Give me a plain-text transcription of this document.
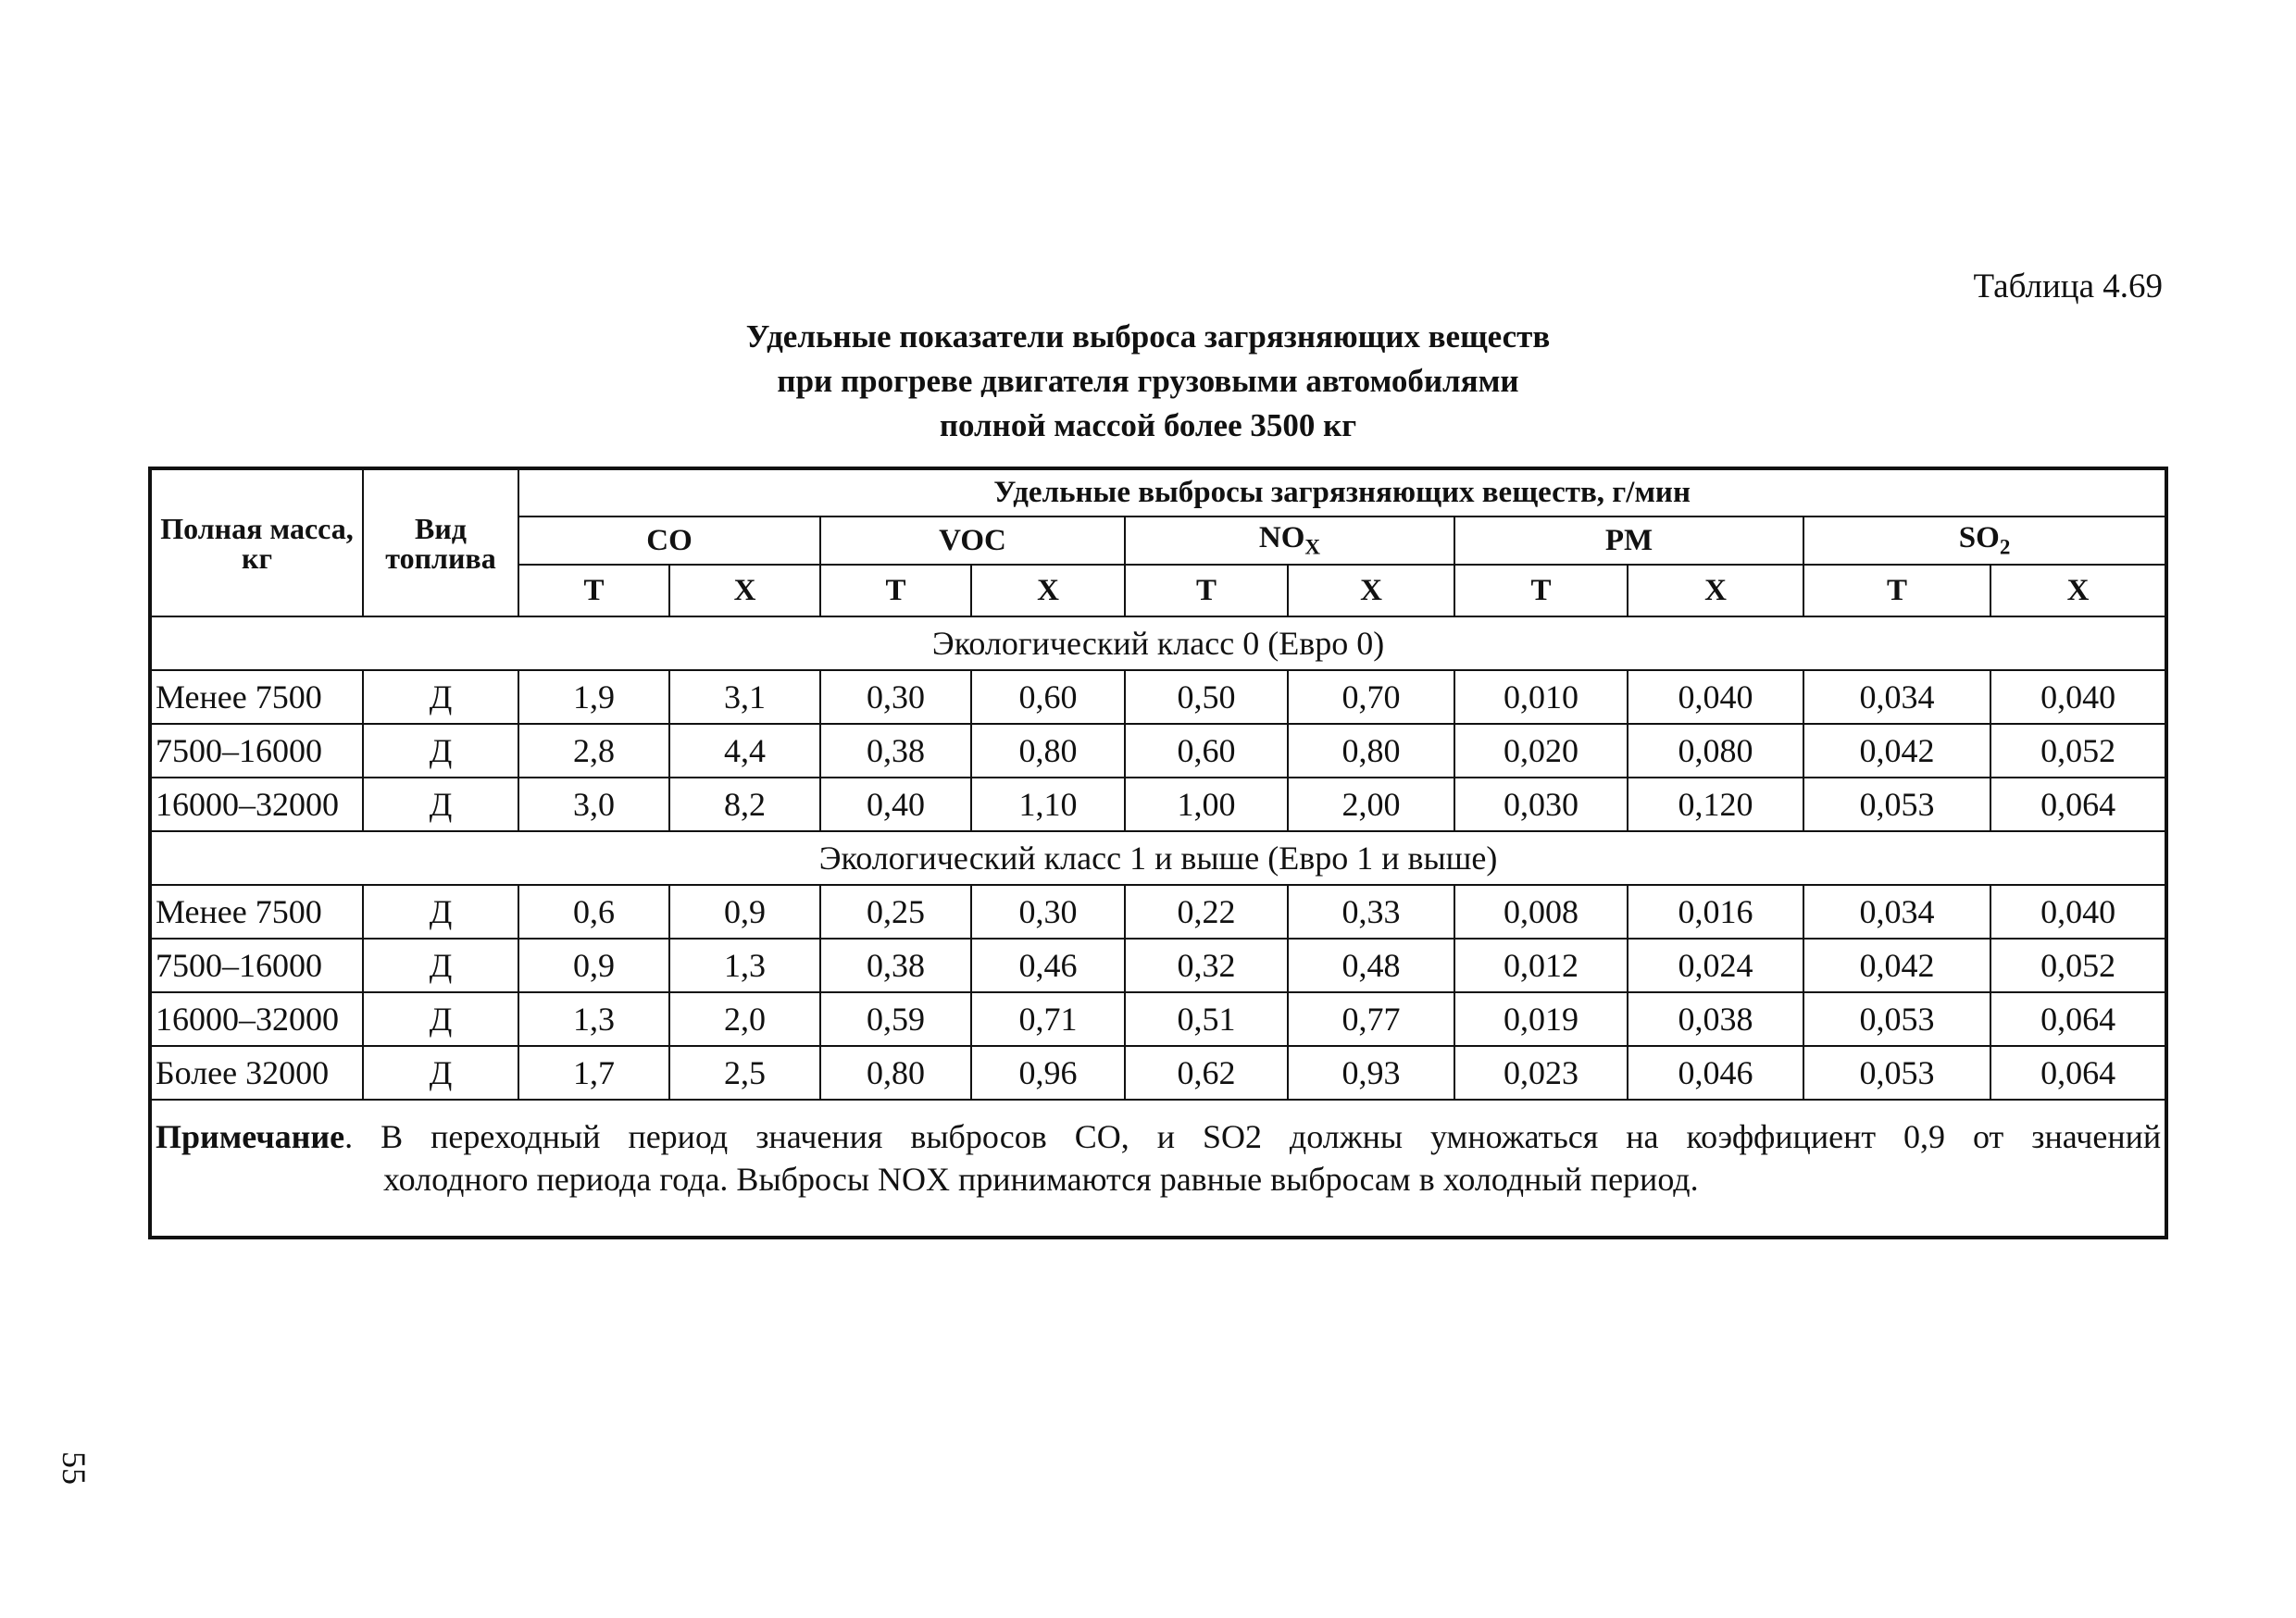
Таблица 4.69
Удельные показатели выброса загрязняющих веществ
при прогреве двигателя грузовыми автомобилями
полной массой более 3500 кг
Полная масса, кг	Вид топлива	Удельные выбросы загрязняющих веществ, г/мин									
		CO		VOC		$NO_X$		PM		$SO_2$
		Т	Х	Т	Х	Т	Х	Т	Х	Т	Х
Экологический класс 0 (Евро 0)											
Менее 7500	Д	1,9	3,1	0,30	0,60	0,50	0,70	0,010	0,040	0,034	0,040
7500–16000	Д	2,8	4,4	0,38	0,80	0,60	0,80	0,020	0,080	0,042	0,052
16000–32000	Д	3,0	8,2	0,40	1,10	1,00	2,00	0,030	0,120	0,053	0,064
Экологический класс 1 и выше (Евро 1 и выше)											
Менее 7500	Д	0,6	0,9	0,25	0,30	0,22	0,33	0,008	0,016	0,034	0,040
7500–16000	Д	0,9	1,3	0,38	0,46	0,32	0,48	0,012	0,024	0,042	0,052
16000–32000	Д	1,3	2,0	0,59	0,71	0,51	0,77	0,019	0,038	0,053	0,064
Более 32000	Д	1,7	2,5	0,80	0,96	0,62	0,93	0,023	0,046	0,053	0,064

Примечание. В переходный период значения выбросов CO, и SO2 должны умножаться на коэффициент 0,9 от значений
холодного периода года. Выбросы NOX принимаются равные выбросам в холодный период.											
55
